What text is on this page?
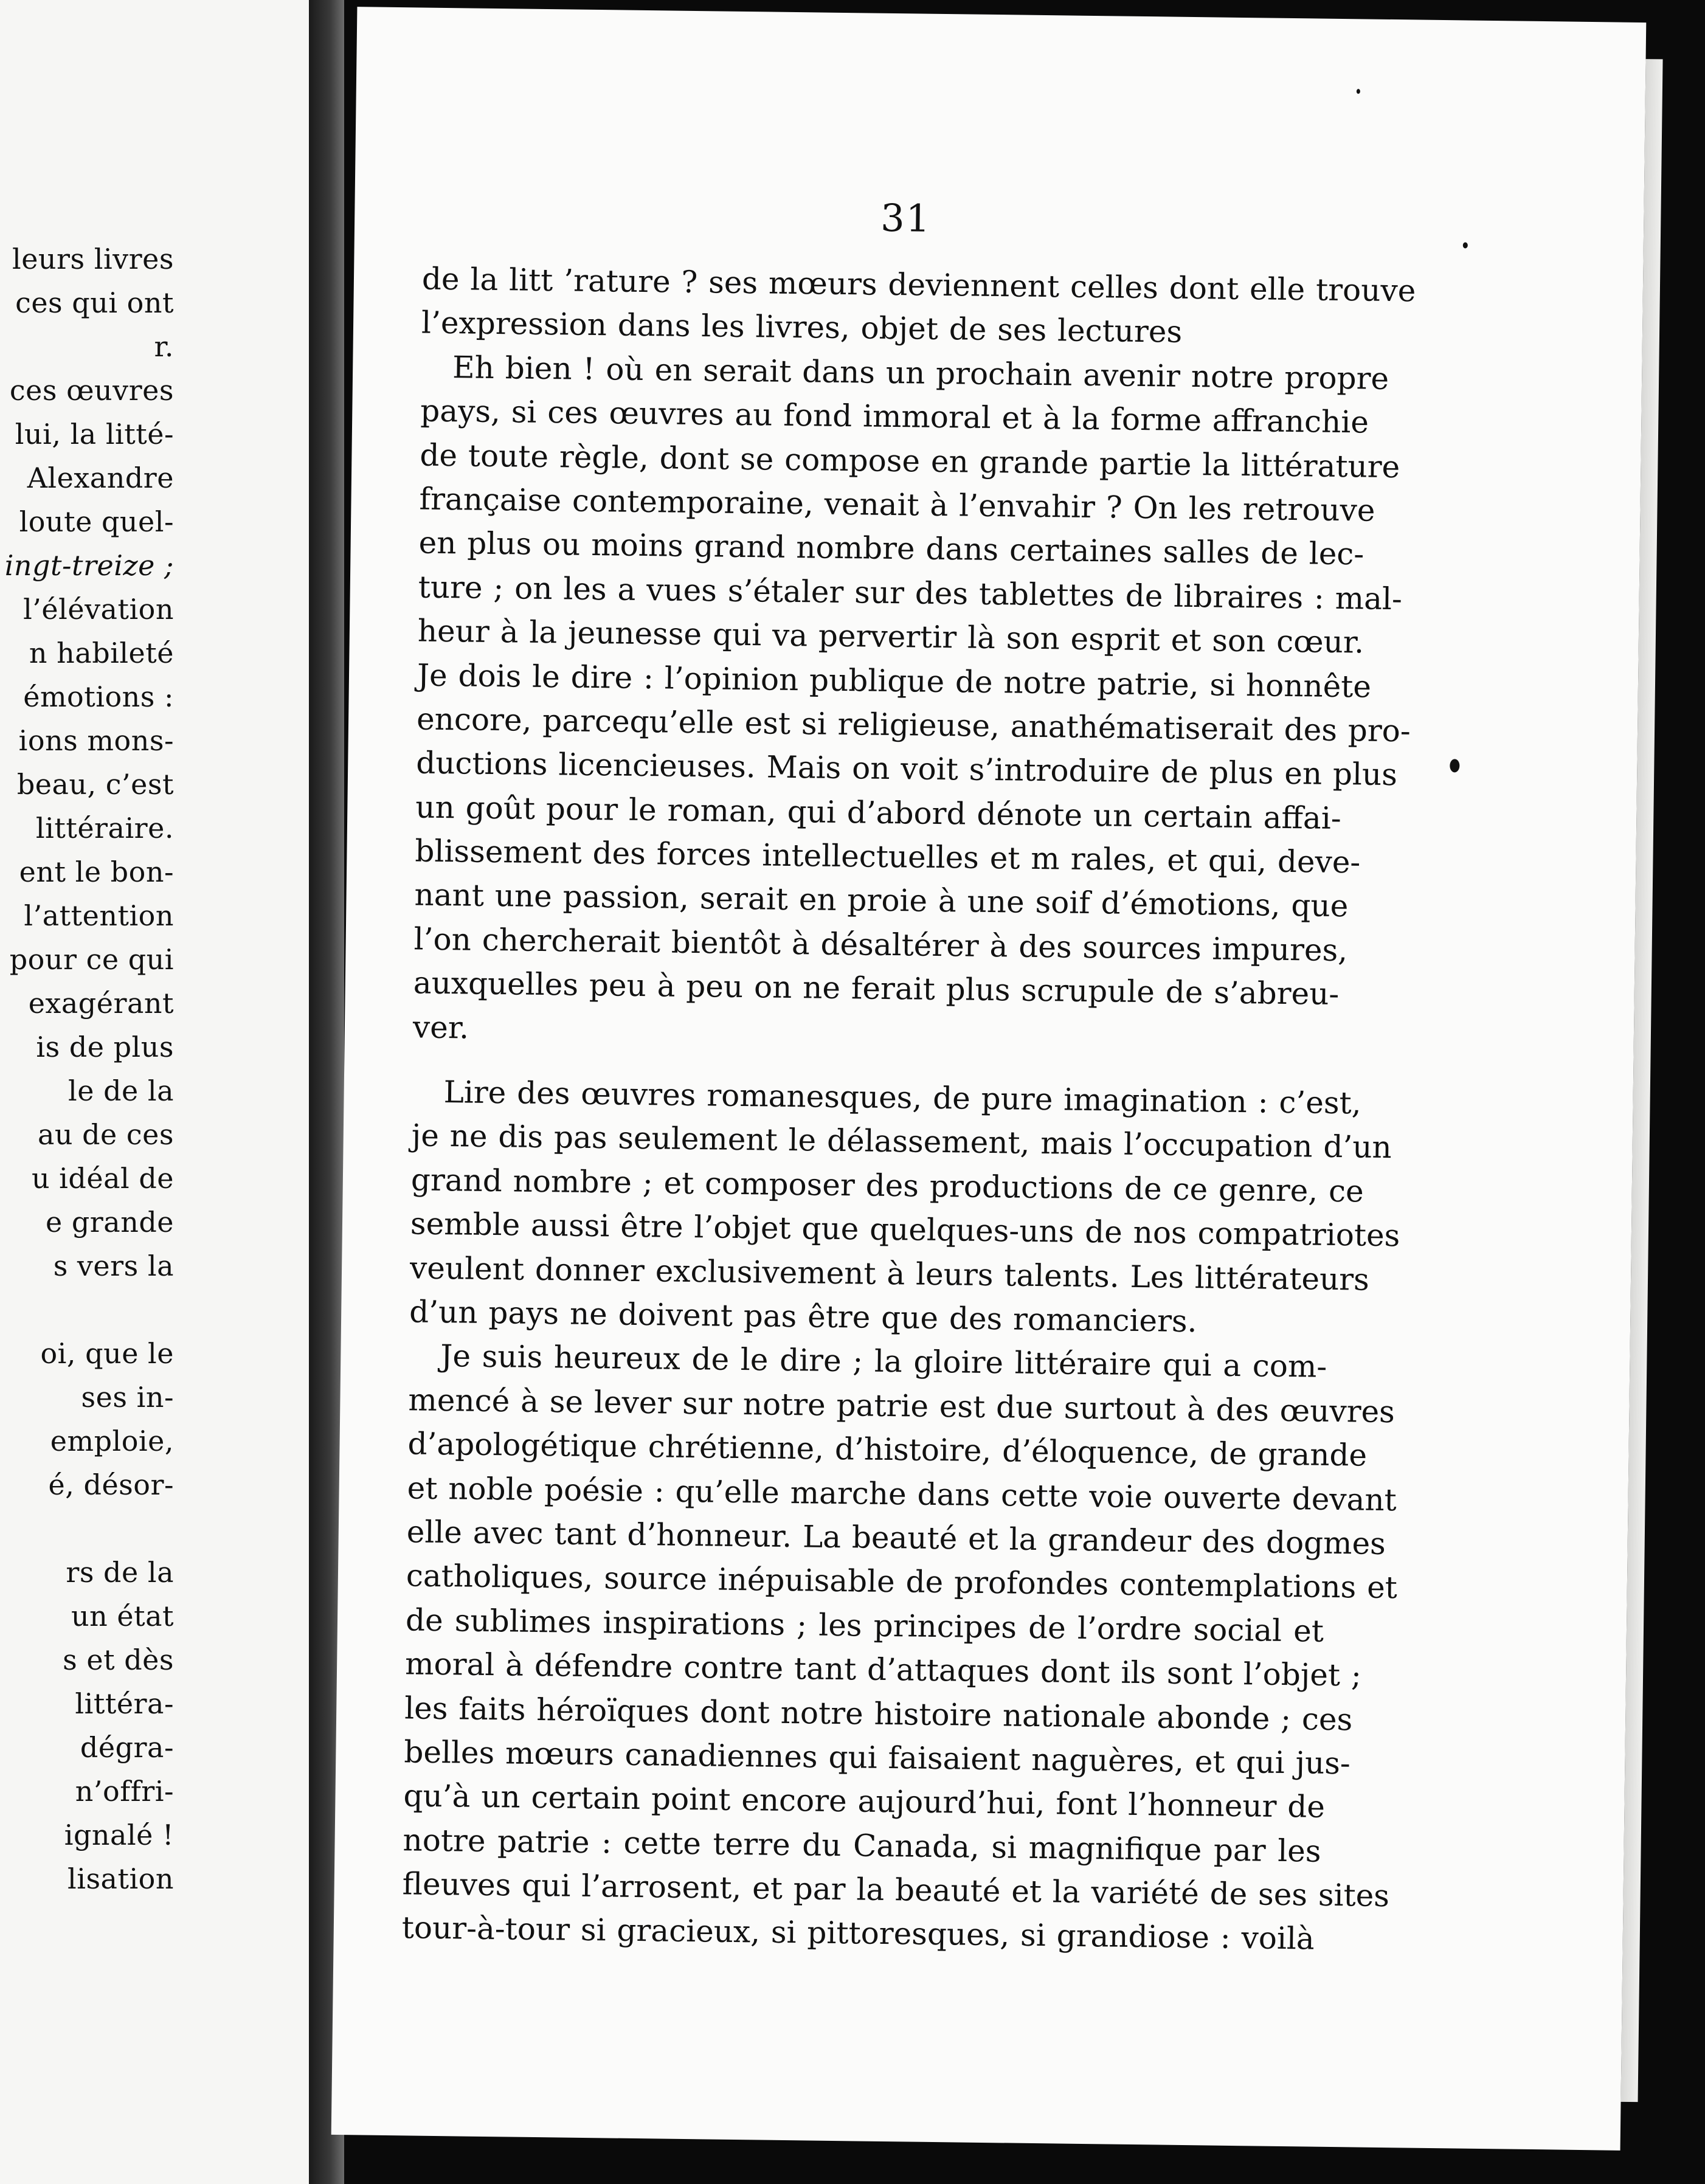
leurs livres
ces qui ont
r.
ces œuvres
lui, la litté-
Alexandre
loute quel-
ingt-treize ;
l’élévation
n habileté
émotions :
ions mons-
beau, c’est
littéraire.
ent le bon-
l’attention
pour ce qui
exagérant
is de plus
le de la
au de ces
u idéal de
e grande
s vers la
oi, que le
ses in-
emploie,
é, désor-
rs de la
un état
s et dès
littéra-
dégra-
n’offri-
ignalé !
lisation
31
de la litt ’rature ? ses mœurs deviennent celles dont elle trouve
l’expression dans les livres, objet de ses lectures
Eh bien ! où en serait dans un prochain avenir notre propre
pays, si ces œuvres au fond immoral et à la forme affranchie
de toute règle, dont se compose en grande partie la littérature
française contemporaine, venait à l’envahir ? On les retrouve
en plus ou moins grand nombre dans certaines salles de lec-
ture ; on les a vues s’étaler sur des tablettes de libraires : mal-
heur à la jeunesse qui va pervertir là son esprit et son cœur.
Je dois le dire : l’opinion publique de notre patrie, si honnête
encore, parcequ’elle est si religieuse, anathématiserait des pro-
ductions licencieuses. Mais on voit s’introduire de plus en plus
un goût pour le roman, qui d’abord dénote un certain affai-
blissement des forces intellectuelles et m rales, et qui, deve-
nant une passion, serait en proie à une soif d’émotions, que
l’on chercherait bientôt à désaltérer à des sources impures,
auxquelles peu à peu on ne ferait plus scrupule de s’abreu-
ver.
Lire des œuvres romanesques, de pure imagination : c’est,
je ne dis pas seulement le délassement, mais l’occupation d’un
grand nombre ; et composer des productions de ce genre, ce
semble aussi être l’objet que quelques-uns de nos compatriotes
veulent donner exclusivement à leurs talents. Les littérateurs
d’un pays ne doivent pas être que des romanciers.
Je suis heureux de le dire ; la gloire littéraire qui a com-
mencé à se lever sur notre patrie est due surtout à des œuvres
d’apologétique chrétienne, d’histoire, d’éloquence, de grande
et noble poésie : qu’elle marche dans cette voie ouverte devant
elle avec tant d’honneur. La beauté et la grandeur des dogmes
catholiques, source inépuisable de profondes contemplations et
de sublimes inspirations ; les principes de l’ordre social et
moral à défendre contre tant d’attaques dont ils sont l’objet ;
les faits héroïques dont notre histoire nationale abonde ; ces
belles mœurs canadiennes qui faisaient naguères, et qui jus-
qu’à un certain point encore aujourd’hui, font l’honneur de
notre patrie : cette terre du Canada, si magnifique par les
fleuves qui l’arrosent, et par la beauté et la variété de ses sites
tour-à-tour si gracieux, si pittoresques, si grandiose : voilà
